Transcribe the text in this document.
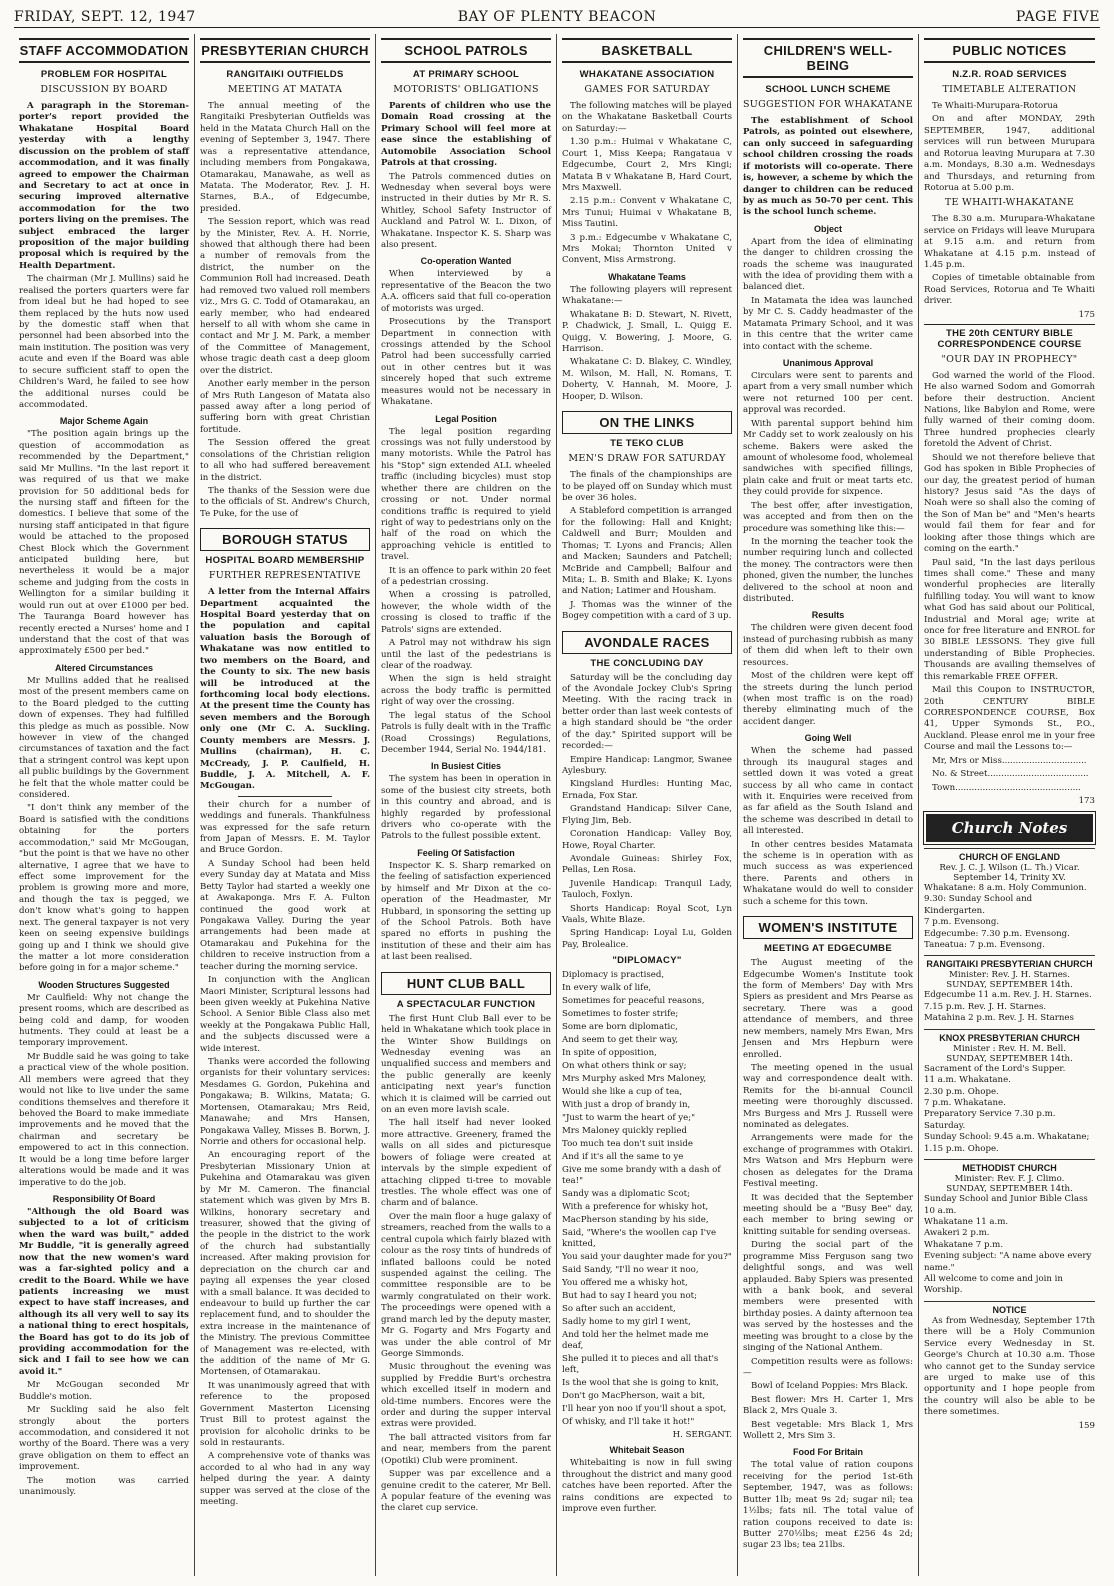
FRIDAY, SEPT. 12, 1947	BAY OF PLENTY BEACON	PAGE FIVE
STAFF ACCOMMODATION
PROBLEM FOR HOSPITAL
DISCUSSION BY BOARD

A paragraph in the Storeman-porter's report provided the Whakatane Hospital Board yesterday with a lengthy discussion on the problem of staff accommodation, and it was finally agreed to empower the Chairman and Secretary to act at once in securing improved alternative accommodation for the two porters living on the premises. The subject embraced the larger proposition of the major building proposal which is required by the Health Department.

The chairman (Mr J. Mullins) said he realised the porters quarters were far from ideal but he had hoped to see them replaced by the huts now used by the domestic staff when that personnel had been absorbed into the main institution. The position was very acute and even if the Board was able to secure sufficient staff to open the Children's Ward, he failed to see how the additional nurses could be accommodated.

Major Scheme Again

"The position again brings up the question of accommodation as recommended by the Department," said Mr Mullins. "In the last report it was required of us that we make provision for 50 additional beds for the nursing staff and fifteen for the domestics. I believe that some of the nursing staff anticipated in that figure would be attached to the proposed Chest Block which the Government anticipated building here, but nevertheless it would be a major scheme and judging from the costs in Wellington for a similar building it would run out at over £1000 per bed. The Tauranga Board however has recently erected a Nurses' home and I understand that the cost of that was approximately £500 per bed."

Altered Circumstances

Mr Mullins added that he realised most of the present members came on to the Board pledged to the cutting down of expenses. They had fulfilled this pledge as much as possible. Now however in view of the changed circumstances of taxation and the fact that a stringent control was kept upon all public buildings by the Government he felt that the whole matter could be considered.

"I don't think any member of the Board is satisfied with the conditions obtaining for the porters accommodation," said Mr McGougan, "but the point is that we have no other alternative, I agree that we have to effect some improvement for the problem is growing more and more, and though the tax is pegged, we don't know what's going to happen next. The general taxpayer is not very keen on seeing expensive buildings going up and I think we should give the matter a lot more consideration before going in for a major scheme."

Wooden Structures Suggested

Mr Caulfield: Why not change the present rooms, which are described as being cold and damp, for wooden hutments. They could at least be a temporary improvement.

Mr Buddle said he was going to take a practical view of the whole position. All members were agreed that they would not like to live under the same conditions themselves and therefore it behoved the Board to make immediate improvements and he moved that the chairman and secretary be empowered to act in this connection. It would be a long time before larger alterations would be made and it was imperative to do the job.

Responsibility Of Board

"Although the old Board was subjected to a lot of criticism when the ward was built," added Mr Buddle, "it is generally agreed now that the new women's ward was a far-sighted policy and a credit to the Board. While we have patients increasing we must expect to have staff increases, and although its all very well to say its a national thing to erect hospitals, the Board has got to do its job of providing accommodation for the sick and I fail to see how we can avoid it."

Mr McGougan seconded Mr Buddle's motion.

Mr Suckling said he also felt strongly about the porters accommodation, and considered it not worthy of the Board. There was a very grave obligation on them to effect an improvement.

The motion was carried unanimously.

PRESBYTERIAN CHURCH
RANGITAIKI OUTFIELDS
MEETING AT MATATA

The annual meeting of the Rangitaiki Presbyterian Outfields was held in the Matata Church Hall on the evening of September 3, 1947. There was a representative attendance, including members from Pongakawa, Otamarakau, Manawahe, as well as Matata. The Moderator, Rev. J. H. Starnes, B.A., of Edgecumbe, presided.

The Session report, which was read by the Minister, Rev. A. H. Norrie, showed that although there had been a number of removals from the district, the number on the Communion Roll had increased. Death had removed two valued roll members viz., Mrs G. C. Todd of Otamarakau, an early member, who had endeared herself to all with whom she came in contact and Mr J. M. Park, a member of the Committee of Management, whose tragic death cast a deep gloom over the district.

Another early member in the person of Mrs Ruth Langeson of Matata also passed away after a long period of suffering born with great Christian fortitude.

The Session offered the great consolations of the Christian religion to all who had suffered bereavement in the district.

The thanks of the Session were due to the officials of St. Andrew's Church, Te Puke, for the use of

BOROUGH STATUS
HOSPITAL BOARD MEMBERSHIP
FURTHER REPRESENTATIVE

A letter from the Internal Affairs Department acquainted the Hospital Board yesterday that on the population and capital valuation basis the Borough of Whakatane was now entitled to two members on the Board, and the County to six. The new basis will be introduced at the forthcoming local body elections. At the present time the County has seven members and the Borough only one (Mr C. A. Suckling. County members are Messrs. J. Mullins (chairman), H. C. McCready, J. P. Caulfield, H. Buddle, J. A. Mitchell, A. F. McGougan.

their church for a number of weddings and funerals. Thankfulness was expressed for the safe return from Japan of Messrs. E. M. Taylor and Bruce Gordon.

A Sunday School had been held every Sunday day at Matata and Miss Betty Taylor had started a weekly one at Awakaponga. Mrs F. A. Fulton continued the good work at Pongakawa Valley. During the year arrangements had been made at Otamarakau and Pukehina for the children to receive instruction from a teacher during the morning service.

In conjunction with the Anglican Maori Minister, Scriptural lessons had been given weekly at Pukehina Native School. A Senior Bible Class also met weekly at the Pongakawa Public Hall, and the subjects discussed were a wide interest.

Thanks were accorded the following organists for their voluntary services: Mesdames G. Gordon, Pukehina and Pongakawa; B. Wilkins, Matata; G. Mortensen, Otamarakau; Mrs Reid, Manawahe; and Mrs Hansen, Pongakawa Valley, Misses B. Borwn, J. Norrie and others for occasional help.

An encouraging report of the Presbyterian Missionary Union at Pukehina and Otamarakau was given by Mr M. Cameron. The financial statement which was given by Mrs B. Wilkins, honorary secretary and treasurer, showed that the giving of the people in the district to the work of the church had substantially increased. After making provision for depreciation on the church car and paying all expenses the year closed with a small balance. It was decided to endeavour to build up further the car replacement fund, and to shoulder the extra increase in the maintenance of the Ministry. The previous Committee of Management was re-elected, with the addition of the name of Mr G. Mortensen, of Otamarakau.

It was unanimously agreed that with reference to the proposed Government Masterton Licensing Trust Bill to protest against the provision for alcoholic drinks to be sold in restaurants.

A comprehensive vote of thanks was accorded to al who had in any way helped during the year. A dainty supper was served at the close of the meeting.

SCHOOL PATROLS
AT PRIMARY SCHOOL
MOTORISTS' OBLIGATIONS

Parents of children who use the Domain Road crossing at the Primary School will feel more at ease since the establishing of Automobile Association School Patrols at that crossing.

The Patrols commenced duties on Wednesday when several boys were instructed in their duties by Mr R. S. Whitley, School Safety Instructor of Auckland and Patrol W. L. Dixon, of Whakatane. Inspector K. S. Sharp was also present.

Co-operation Wanted

When interviewed by a representative of the Beacon the two A.A. officers said that full co-operation of motorists was urged.

Prosecutions by the Transport Department in connection with crossings attended by the School Patrol had been successfully carried out in other centres but it was sincerely hoped that such extreme measures would not be necessary in Whakatane.

Legal Position

The legal position regarding crossings was not fully understood by many motorists. While the Patrol has his "Stop" sign extended ALL wheeled traffic (including bicycles) must stop whether there are children on the crossing or not. Under normal conditions traffic is required to yield right of way to pedestrians only on the half of the road on which the approaching vehicle is entitled to travel.

It is an offence to park within 20 feet of a pedestrian crossing.

When a crossing is patrolled, however, the whole width of the crossing is closed to traffic if the Patrols' signs are extended.

A Patrol may not withdraw his sign until the last of the pedestrians is clear of the roadway.

When the sign is held straight across the body traffic is permitted right of way over the crossing.

The legal status of the School Patrols is fully dealt with in the Traffic (Road Crossings) Regulations, December 1944, Serial No. 1944/181.

In Busiest Cities

The system has been in operation in some of the busiest city streets, both in this country and abroad, and is highly regarded by professional drivers who co-operate with the Patrols to the fullest possible extent.

Feeling Of Satisfaction

Inspector K. S. Sharp remarked on the feeling of satisfaction experienced by himself and Mr Dixon at the co-operation of the Headmaster, Mr Hubbard, in sponsoring the setting up of the School Patrols. Both have spared no efforts in pushing the institution of these and their aim has at last been realised.

HUNT CLUB BALL
A SPECTACULAR FUNCTION

The first Hunt Club Ball ever to be held in Whakatane which took place in the Winter Show Buildings on Wednesday evening was an unqualified success and members and the public generally are keenly anticipating next year's function which it is claimed will be carried out on an even more lavish scale.

The hall itself had never looked more attractive. Greenery, framed the walls on all sides and picturesque bowers of foliage were created at intervals by the simple expedient of attaching clipped ti-tree to movable trestles. The whole effect was one of charm and of balance.

Over the main floor a huge galaxy of streamers, reached from the walls to a central cupola which fairly blazed with colour as the rosy tints of hundreds of inflated balloons could be noted suspended against the ceiling. The committee responsible are to be warmly congratulated on their work. The proceedings were opened with a grand march led by the deputy master, Mr G. Fogarty and Mrs Fogarty and was under the able control of Mr George Simmonds.

Music throughout the evening was supplied by Freddie Burt's orchestra which excelled itself in modern and old-time numbers. Encores were the order and during the supper interval extras were provided.

The ball attracted visitors from far and near, members from the parent (Opotiki) Club were prominent.

Supper was par excellence and a genuine credit to the caterer, Mr Bell. A popular feature of the evening was the claret cup service.

BASKETBALL
WHAKATANE ASSOCIATION
GAMES FOR SATURDAY

The following matches will be played on the Whakatane Basketball Courts on Saturday:—

1.30 p.m.: Huimai v Whakatane C, Court 1, Miss Keepa; Rangataua v Edgecumbe, Court 2, Mrs Kingi; Matata B v Whakatane B, Hard Court, Mrs Maxwell.

2.15 p.m.: Convent v Whakatane C, Mrs Tunui; Huimai v Whakatane B, Miss Tautini.

3 p.m.: Edgecumbe v Whakatane C, Mrs Mokai; Thornton United v Convent, Miss Armstrong.

Whakatane Teams

The following players will represent Whakatane:—

Whakatane B: D. Stewart, N. Rivett, P. Chadwick, J. Small, L. Quigg E. Quigg, V. Bowering, J. Moore, G. Harrison.

Whakatane C: D. Blakey, C. Windley, M. Wilson, M. Hall, N. Romans, T. Doherty, V. Hannah, M. Moore, J. Hooper, D. Wilson.

ON THE LINKS
TE TEKO CLUB
MEN'S DRAW FOR SATURDAY

The finals of the championships are to be played off on Sunday which must be over 36 holes.

A Stableford competition is arranged for the following: Hall and Knight; Caldwell and Burr; Moulden and Thomas; T. Lyons and Francis; Allen and Macken; Saunders and Patchell; McBride and Campbell; Balfour and Mita; L. B. Smith and Blake; K. Lyons and Nation; Latimer and Housham.

J. Thomas was the winner of the Bogey competition with a card of 3 up.

AVONDALE RACES
THE CONCLUDING DAY

Saturday will be the concluding day of the Avondale Jockey Club's Spring Meeting. With the racing track in better order than last week contests of a high standard should be "the order of the day." Spirited support will be recorded:—

Empire Handicap: Langmor, Swanee Aylesbury.

Kingsland Hurdles: Hunting Mac, Ernada, Fox Star.

Grandstand Handicap: Silver Cane, Flying Jim, Beb.

Coronation Handicap: Valley Boy, Howe, Royal Charter.

Avondale Guineas: Shirley Fox, Pellas, Len Rosa.

Juvenile Handicap: Tranquil Lady, Tauloch, Foxlyn.

Shorts Handicap: Royal Scot, Lyn Vaals, White Blaze.

Spring Handicap: Loyal Lu, Golden Pay, Brolealice.

"DIPLOMACY"

Diplomacy is practised,

In every walk of life,

Sometimes for peaceful reasons,

Sometimes to foster strife;

Some are born diplomatic,

And seem to get their way,

In spite of opposition,

On what others think or say;

Mrs Murphy asked Mrs Maloney,

Would she like a cup of tea,

With just a drop of brandy in,

"Just to warm the heart of ye;"

Mrs Maloney quickly replied

Too much tea don't suit inside

And if it's all the same to ye

Give me some brandy with a dash of tea!"

Sandy was a diplomatic Scot;

With a preference for whisky hot,

MacPherson standing by his side,

Said, "Where's the woollen cap I've knitted,

You said your daughter made for you?"

Said Sandy, "I'll no wear it noo,

You offered me a whisky hot,

But had to say I heard you not;

So after such an accident,

Sadly home to my girl I went,

And told her the helmet made me deaf,

She pulled it to pieces and all that's left,

Is the wool that she is going to knit,

Don't go MacPherson, wait a bit,

I'll hear yon noo if you'll shout a spot,

Of whisky, and I'll take it hot!"

H. SERGANT.
Whitebait Season

Whitebaiting is now in full swing throughout the district and many good catches have been reported. After the rains conditions are expected to improve even further.

CHILDREN'S WELL-BEING
SCHOOL LUNCH SCHEME
SUGGESTION FOR WHAKATANE

The establishment of School Patrols, as pointed out elsewhere, can only succeed in safeguarding school children crossing the roads if motorists will co-operate. There is, however, a scheme by which the danger to children can be reduced by as much as 50-70 per cent. This is the school lunch scheme.

Object

Apart from the idea of eliminating the danger to children crossing the roads the scheme was inaugurated with the idea of providing them with a balanced diet.

In Matamata the idea was launched by Mr C. S. Caddy headmaster of the Matamata Primary School, and it was in this centre that the writer came into contact with the scheme.

Unanimous Approval

Circulars were sent to parents and apart from a very small number which were not returned 100 per cent. approval was recorded.

With parental support behind him Mr Caddy set to work zealously on his scheme. Bakers were asked the amount of wholesome food, wholemeal sandwiches with specified fillings, plain cake and fruit or meat tarts etc. they could provide for sixpence.

The best offer, after investigation, was accepted and from then on the procedure was something like this:—

In the morning the teacher took the number requiring lunch and collected the money. The contractors were then phoned, given the number, the lunches delivered to the school at noon and distributed.

Results

The children were given decent food instead of purchasing rubbish as many of them did when left to their own resources.

Most of the children were kept off the streets during the lunch period (when most traffic is on the road) thereby eliminating much of the accident danger.

Going Well

When the scheme had passed through its inaugural stages and settled down it was voted a great success by all who came in contact with it. Enquiries were received from as far afield as the South Island and the scheme was described in detail to all interested.

In other centres besides Matamata the scheme is in operation with as much success as was experienced there. Parents and others in Whakatane would do well to consider such a scheme for this town.

WOMEN'S INSTITUTE
MEETING AT EDGECUMBE

The August meeting of the Edgecumbe Women's Institute took the form of Members' Day with Mrs Spiers as president and Mrs Pearse as secretary. There was a good attendance of members, and three new members, namely Mrs Ewan, Mrs Jensen and Mrs Hepburn were enrolled.

The meeting opened in the usual way and correspondence dealt with. Remits for the bi-annual Council meeting were thoroughly discussed. Mrs Burgess and Mrs J. Russell were nominated as delegates.

Arrangements were made for the exchange of programmes with Otakiri. Mrs Watson and Mrs Hepburn were chosen as delegates for the Drama Festival meeting.

It was decided that the September meeting should be a "Busy Bee" day, each member to bring sewing or knitting suitable for sending overseas.

During the social part of the programme Miss Ferguson sang two delightful songs, and was well applauded. Baby Spiers was presented with a bank book, and several members were presented with birthday posies. A dainty afternoon tea was served by the hostesses and the meeting was brought to a close by the singing of the National Anthem.

Competition results were as follows:—

Bowl of Iceland Poppies: Mrs Black.

Best flower: Mrs H. Carter 1, Mrs Black 2, Mrs Quale 3.

Best vegetable: Mrs Black 1, Mrs Wollett 2, Mrs Sim 3.

Food For Britain

The total value of ration coupons receiving for the period 1st-6th September, 1947, was as follows: Butter 1lb; meat 9s 2d; sugar nil; tea 1½lbs; fats nil. The total value of ration coupons received to date is: Butter 270½lbs; meat £256 4s 2d; sugar 23 lbs; tea 21lbs.

PUBLIC NOTICES
N.Z.R. ROAD SERVICES
TIMETABLE ALTERATION

Te Whaiti-Murupara-Rotorua

On and after MONDAY, 29th SEPTEMBER, 1947, additional services will run between Murupara and Rotorua leaving Murupara at 7.30 a.m. Mondays, 8.30 a.m. Wednesdays and Thursdays, and returning from Rotorua at 5.00 p.m.

TE WHAITI-WHAKATANE

The 8.30 a.m. Murupara-Whakatane service on Fridays will leave Murupara at 9.15 a.m. and return from Whakatane at 4.15 p.m. instead of 1.45 p.m.

Copies of timetable obtainable from Road Services, Rotorua and Te Whaiti driver.

175
THE 20th CENTURY BIBLE CORRESPONDENCE COURSE
"OUR DAY IN PROPHECY"

God warned the world of the Flood. He also warned Sodom and Gomorrah before their destruction. Ancient Nations, like Babylon and Rome, were fully warned of their coming doom. Three hundred prophecies clearly foretold the Advent of Christ.

Should we not therefore believe that God has spoken in Bible Prophecies of our day, the greatest period of human history? Jesus said "As the days of Noah were so shall also the coming of the Son of Man be" and "Men's hearts would fail them for fear and for looking after those things which are coming on the earth."

Paul said, "In the last days perilous times shall come." These and many wonderful prophecies are literally fulfilling today. You will want to know what God has said about our Political, Industrial and Moral age; write at once for free literature and ENROL for 30 BIBLE LESSONS. They give full understanding of Bible Prophecies. Thousands are availing themselves of this remarkable FREE OFFER.

Mail this Coupon to INSTRUCTOR, 20th CENTURY BIBLE CORRESPONDENCE COURSE, Box 41, Upper Symonds St., P.O., Auckland. Please enrol me in your free Course and mail the Lessons to:—

Mr, Mrs or Miss...............................

No. & Street.....................................

Town..............................................

173
Church Notes
CHURCH OF ENGLAND
Rev. J. C. J. Wilson (L. Th.) Vicar.
September 14, Trinity XV.
Whakatane: 8 a.m. Holy Communion.
9.30: Sunday School and Kindergarten.
7 p.m. Evensong.
Edgecumbe: 7.30 p.m. Evensong.
Taneatua: 7 p.m. Evensong.
RANGITAIKI PRESBYTERIAN CHURCH
Minister: Rev. J. H. Starnes.
SUNDAY, SEPTEMBER 14th.
Edgecumbe 11 a.m. Rev. J. H. Starnes.
7.15 p.m. Rev. J. H. Starnes.
Matahina 2 p.m. Rev. J. H. Starnes
KNOX PRESBYTERIAN CHURCH
Minister : Rev. H. M. Bell.
SUNDAY, SEPTEMBER 14th.
Sacrament of the Lord's Supper.
11 a.m. Whakatane.
2.30 p.m. Ohope.
7 p.m. Whakatane.
Preparatory Service 7.30 p.m. Saturday.
Sunday School: 9.45 a.m. Whakatane; 1.15 p.m. Ohope.
METHODIST CHURCH
Minister: Rev. F. J. Climo.
SUNDAY, SEPTEMBER 14th.
Sunday School and Junior Bible Class 10 a.m.
Whakatane 11 a.m.
Awakeri 2 p.m.
Whakatane 7 p.m.
Evening subject: "A name above every name."
All welcome to come and join in Worship.
NOTICE

As from Wednesday, September 17th there will be a Holy Communion Service every Wednesday in St. George's Church at 10.30 a.m. Those who cannot get to the Sunday service are urged to make use of this opportunity and I hope people from the country will also be able to be there sometimes.

159
